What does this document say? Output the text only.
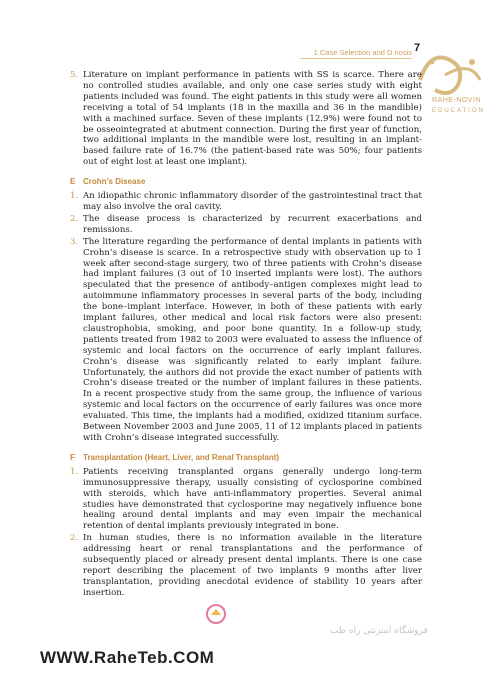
1 Case Selection and D nosis 7
RAHE-NOVIN
EDUCATION
5. Literature on implant performance in patients with SS is scarce. There are no controlled studies available, and only one case series study with eight patients included was found. The eight patients in this study were all women receiving a total of 54 implants (18 in the maxilla and 36 in the mandible) with a machined surface. Seven of these implants (12.9%) were found not to be osseointegrated at abutment connection. During the first year of function, two additional implants in the mandible were lost, resulting in an implant-based failure rate of 16.7% (the patient-based rate was 50%; four patients out of eight lost at least one implant).
E Crohn’s Disease
1. An idiopathic chronic inflammatory disorder of the gastrointestinal tract that may also involve the oral cavity.
2. The disease process is characterized by recurrent exacerbations and remissions.
3. The literature regarding the performance of dental implants in patients with Crohn’s disease is scarce. In a retrospective study with observation up to 1 week after second-stage surgery, two of three patients with Crohn’s disease had implant failures (3 out of 10 inserted implants were lost). The authors speculated that the presence of antibody–antigen complexes might lead to autoimmune inflammatory processes in several parts of the body, including the bone–implant interface. However, in both of these patients with early implant failures, other medical and local risk factors were also present: claustrophobia, smoking, and poor bone quantity. In a follow-up study, patients treated from 1982 to 2003 were evaluated to assess the influence of systemic and local factors on the occurrence of early implant failures. Crohn’s disease was significantly related to early implant failure. Unfortunately, the authors did not provide the exact number of patients with Crohn’s disease treated or the number of implant failures in these patients. In a recent prospective study from the same group, the influence of various systemic and local factors on the occurrence of early failures was once more evaluated. This time, the implants had a modified, oxidized titanium surface. Between November 2003 and June 2005, 11 of 12 implants placed in patients with Crohn’s disease integrated successfully.
F Transplantation (Heart, Liver, and Renal Transplant)
1. Patients receiving transplanted organs generally undergo long-term immunosuppressive therapy, usually consisting of cyclosporine combined with steroids, which have anti-inflammatory properties. Several animal studies have demonstrated that cyclosporine may negatively influence bone healing around dental implants and may even impair the mechanical retention of dental implants previously integrated in bone.
2. In human studies, there is no information available in the literature addressing heart or renal transplantations and the performance of subsequently placed or already present dental implants. There is one case report describing the placement of two implants 9 months after liver transplantation, providing anecdotal evidence of stability 10 years after insertion.
فروشگاه اینترنتی راه طب
WWW.RaheTeb.COM
